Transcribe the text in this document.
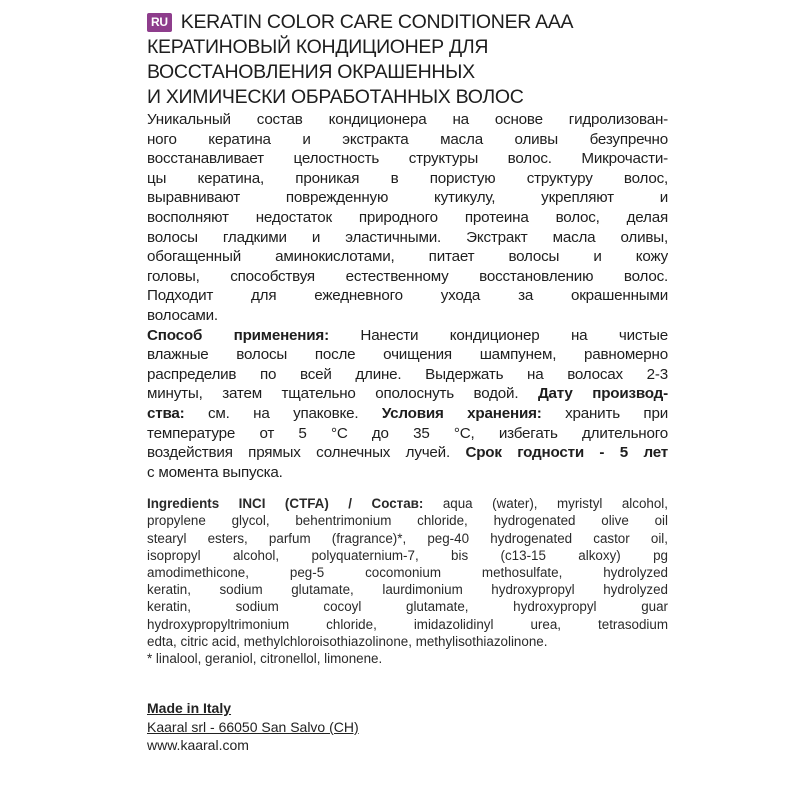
RU KERATIN COLOR CARE CONDITIONER AAA
КЕРАТИНОВЫЙ КОНДИЦИОНЕР ДЛЯ
ВОССТАНОВЛЕНИЯ ОКРАШЕННЫХ
И ХИМИЧЕСКИ ОБРАБОТАННЫХ ВОЛОС
Уникальный состав кондиционера на основе гидролизован-
ного кератина и экстракта масла оливы безупречно
восстанавливает целостность структуры волос. Микрочасти-
цы кератина, проникая в пористую структуру волос,
выравнивают поврежденную кутикулу, укрепляют и
восполняют недостаток природного протеина волос, делая
волосы гладкими и эластичными. Экстракт масла оливы,
обогащенный аминокислотами, питает волосы и кожу
головы, способствуя естественному восстановлению волос.
Подходит для ежедневного ухода за окрашенными
волосами.
Способ применения: Нанести кондиционер на чистые
влажные волосы после очищения шампунем, равномерно
распределив по всей длине. Выдержать на волосах 2-3
минуты, затем тщательно ополоснуть водой. Дату производ-
ства: см. на упаковке. Условия хранения: хранить при
температуре от 5 °C до 35 °C, избегать длительного
воздействия прямых солнечных лучей. Срок годности - 5 лет
с момента выпуска.
Ingredients INCI (CTFA) / Состав: aqua (water), myristyl alcohol,
propylene glycol, behentrimonium chloride, hydrogenated olive oil
stearyl esters, parfum (fragrance)*, peg-40 hydrogenated castor oil,
isopropyl alcohol, polyquaternium-7, bis (c13-15 alkoxy) pg
amodimethicone, peg-5 cocomonium methosulfate, hydrolyzed
keratin, sodium glutamate, laurdimonium hydroxypropyl hydrolyzed
keratin, sodium cocoyl glutamate, hydroxypropyl guar
hydroxypropyltrimonium chloride, imidazolidinyl urea, tetrasodium
edta, citric acid, methylchloroisothiazolinone, methylisothiazolinone.
* linalool, geraniol, citronellol, limonene.
Made in Italy
Kaaral srl - 66050 San Salvo (CH)
www.kaaral.com
